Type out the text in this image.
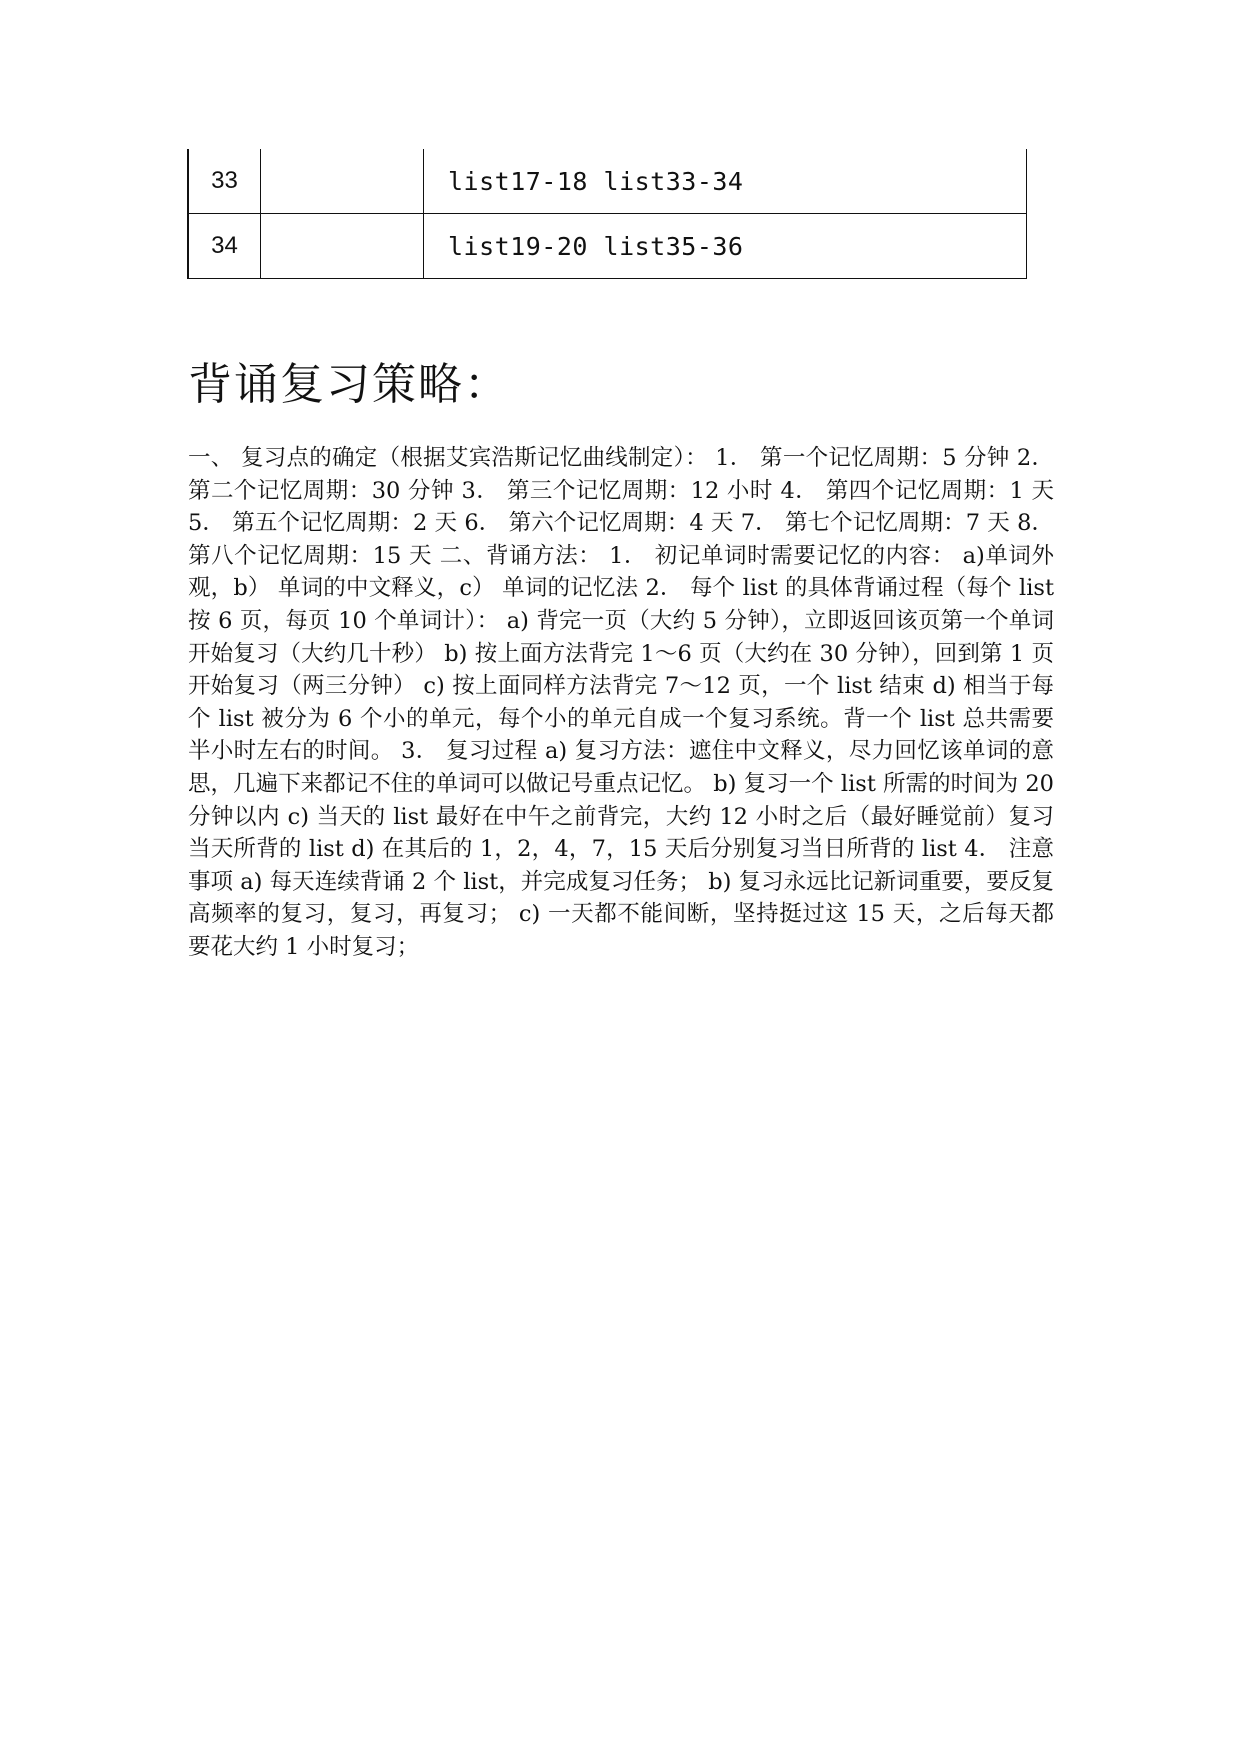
33		list17-18 list33-34
34		list19-20 list35-36
背诵复习策略：

一、 复习点的确定（根据艾宾浩斯记忆曲线制定）： 1． 第一个记忆周期：5 分钟 2． 第二个记忆周期：30 分钟 3． 第三个记忆周期：12 小时 4． 第四个记忆周期：1 天 5． 第五个记忆周期：2 天 6． 第六个记忆周期：4 天 7． 第七个记忆周期：7 天 8． 第八个记忆周期：15 天 二、背诵方法： 1． 初记单词时需要记忆的内容： a)单词外观，b） 单词的中文释义，c） 单词的记忆法 2． 每个 list 的具体背诵过程（每个 list 按 6 页，每页 10 个单词计）： a) 背完一页（大约 5 分钟），立即返回该页第一个单词开始复习（大约几十秒） b) 按上面方法背完 1～6 页（大约在 30 分钟），回到第 1 页开始复习（两三分钟） c) 按上面同样方法背完 7～12 页，一个 list 结束 d) 相当于每个 list 被分为 6 个小的单元，每个小的单元自成一个复习系统。背一个 list 总共需要半小时左右的时间。 3． 复习过程 a) 复习方法：遮住中文释义，尽力回忆该单词的意思，几遍下来都记不住的单词可以做记号重点记忆。 b) 复习一个 list 所需的时间为 20 分钟以内 c) 当天的 list 最好在中午之前背完，大约 12 小时之后（最好睡觉前）复习当天所背的 list d) 在其后的 1，2，4，7，15 天后分别复习当日所背的 list 4． 注意事项 a) 每天连续背诵 2 个 list，并完成复习任务； b) 复习永远比记新词重要，要反复高频率的复习，复习，再复习； c) 一天都不能间断，坚持挺过这 15 天，之后每天都要花大约 1 小时复习；
